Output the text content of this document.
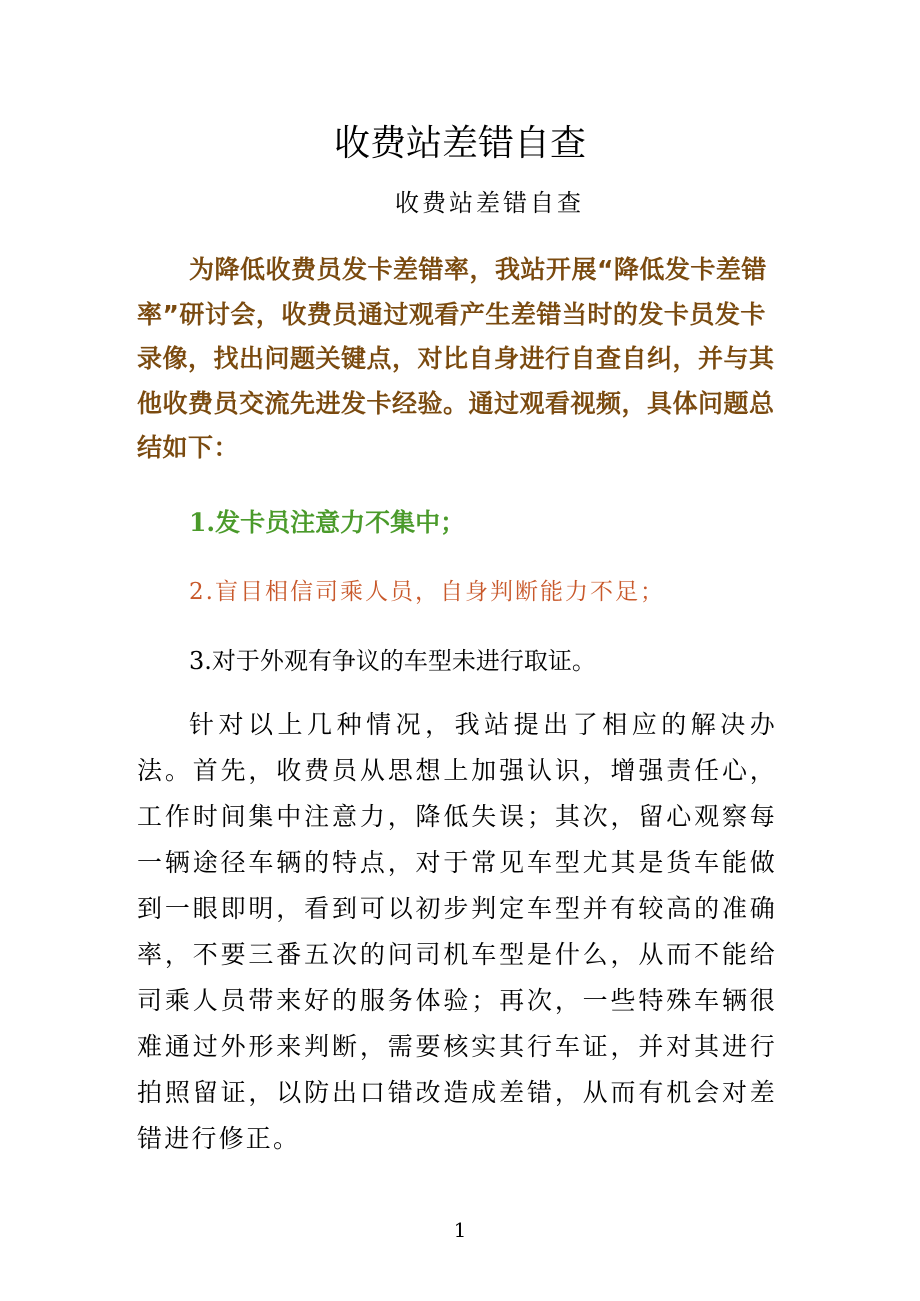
收费站差错自查
收费站差错自查

为降低收费员发卡差错率，我站开展“降低发卡差错率”研讨会，收费员通过观看产生差错当时的发卡员发卡录像，找出问题关键点，对比自身进行自查自纠，并与其他收费员交流先进发卡经验。通过观看视频，具体问题总结如下：

1.发卡员注意力不集中；

2.盲目相信司乘人员，自身判断能力不足；

3.对于外观有争议的车型未进行取证。

针对以上几种情况，我站提出了相应的解决办法。首先，收费员从思想上加强认识，增强责任心，工作时间集中注意力，降低失误；其次，留心观察每一辆途径车辆的特点，对于常见车型尤其是货车能做到一眼即明，看到可以初步判定车型并有较高的准确率，不要三番五次的问司机车型是什么，从而不能给司乘人员带来好的服务体验；再次，一些特殊车辆很难通过外形来判断，需要核实其行车证，并对其进行拍照留证，以防出口错改造成差错，从而有机会对差错进行修正。

1
